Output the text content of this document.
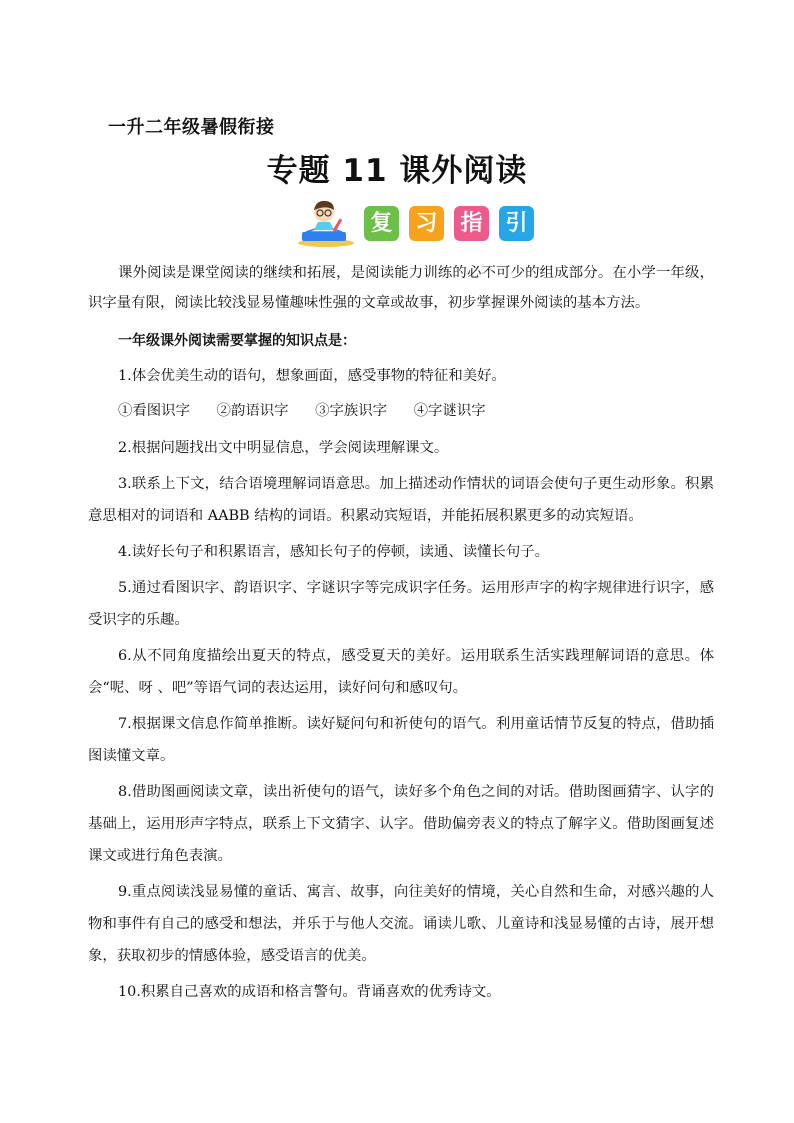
一升二年级暑假衔接
专题 11 课外阅读
复 习 指 引

课外阅读是课堂阅读的继续和拓展，是阅读能力训练的必不可少的组成部分。在小学一年级，识字量有限，阅读比较浅显易懂趣味性强的文章或故事，初步掌握课外阅读的基本方法。

一年级课外阅读需要掌握的知识点是：

1.体会优美生动的语句，想象画面，感受事物的特征和美好。

①看图识字 ②韵语识字 ③字族识字 ④字谜识字

2.根据问题找出文中明显信息，学会阅读理解课文。

3.联系上下文，结合语境理解词语意思。加上描述动作情状的词语会使句子更生动形象。积累意思相对的词语和 AABB 结构的词语。积累动宾短语，并能拓展积累更多的动宾短语。

4.读好长句子和积累语言，感知长句子的停顿，读通、读懂长句子。

5.通过看图识字、韵语识字、字谜识字等完成识字任务。运用形声字的构字规律进行识字，感受识字的乐趣。

6.从不同角度描绘出夏天的特点，感受夏天的美好。运用联系生活实践理解词语的意思。体会“呢、呀 、吧”等语气词的表达运用，读好问句和感叹句。

7.根据课文信息作简单推断。读好疑问句和祈使句的语气。利用童话情节反复的特点，借助插图读懂文章。

8.借助图画阅读文章，读出祈使句的语气，读好多个角色之间的对话。借助图画猜字、认字的基础上，运用形声字特点，联系上下文猜字、认字。借助偏旁表义的特点了解字义。借助图画复述课文或进行角色表演。

9.重点阅读浅显易懂的童话、寓言、故事，向往美好的情境，关心自然和生命，对感兴趣的人物和事件有自己的感受和想法，并乐于与他人交流。诵读儿歌、儿童诗和浅显易懂的古诗，展开想象，获取初步的情感体验，感受语言的优美。

10.积累自己喜欢的成语和格言警句。背诵喜欢的优秀诗文。
